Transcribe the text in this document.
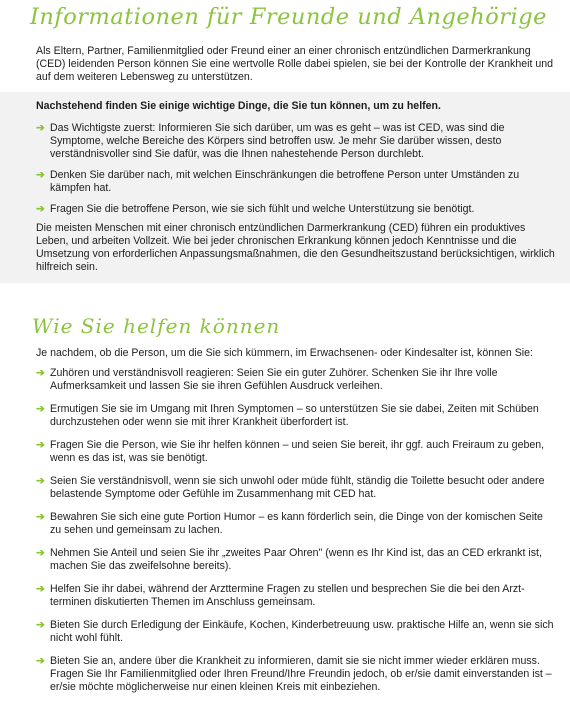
Informationen für Freunde und Angehörige

Als Eltern, Partner, Familienmitglied oder Freund einer an einer chronisch entzündlichen Darmerkrankung (CED) leidenden Person können Sie eine wertvolle Rolle dabei spielen, sie bei der Kontrolle der Krankheit und auf dem weiteren Lebensweg zu unterstützen.

Nachstehend finden Sie einige wichtige Dinge, die Sie tun können, um zu helfen.

➔ Das Wichtigste zuerst: Informieren Sie sich darüber, um was es geht – was ist CED, was sind die Symptome, welche Bereiche des Körpers sind betroffen usw. Je mehr Sie darüber wissen, desto verständnisvoller sind Sie dafür, was die Ihnen nahestehende Person durchlebt.
➔ Denken Sie darüber nach, mit welchen Einschränkungen die betroffene Person unter Umständen zu kämpfen hat.
➔ Fragen Sie die betroffene Person, wie sie sich fühlt und welche Unterstützung sie benötigt.

Die meisten Menschen mit einer chronisch entzündlichen Darmerkrankung (CED) führen ein produktives Leben, und arbeiten Vollzeit. Wie bei jeder chronischen Erkrankung können jedoch Kenntnisse und die Umsetzung von erforderlichen Anpassungsmaßnahmen, die den Gesundheitszustand berücksichtigen, wirklich hilfreich sein.

Wie Sie helfen können

Je nachdem, ob die Person, um die Sie sich kümmern, im Erwachsenen- oder Kindesalter ist, können Sie:

➔ Zuhören und verständnisvoll reagieren: Seien Sie ein guter Zuhörer. Schenken Sie ihr Ihre volle Aufmerksamkeit und lassen Sie sie ihren Gefühlen Ausdruck verleihen.
➔ Ermutigen Sie sie im Umgang mit Ihren Symptomen – so unterstützen Sie sie dabei, Zeiten mit Schüben durchzustehen oder wenn sie mit ihrer Krankheit überfordert ist.
➔ Fragen Sie die Person, wie Sie ihr helfen können – und seien Sie bereit, ihr ggf. auch Freiraum zu geben, wenn es das ist, was sie benötigt.
➔ Seien Sie verständnisvoll, wenn sie sich unwohl oder müde fühlt, ständig die Toilette besucht oder andere belastende Symptome oder Gefühle im Zusammenhang mit CED hat.
➔ Bewahren Sie sich eine gute Portion Humor – es kann förderlich sein, die Dinge von der komischen Seite zu sehen und gemeinsam zu lachen.
➔ Nehmen Sie Anteil und seien Sie ihr „zweites Paar Ohren" (wenn es Ihr Kind ist, das an CED erkrankt ist, machen Sie das zweifelsohne bereits).
➔ Helfen Sie ihr dabei, während der Arzttermine Fragen zu stellen und besprechen Sie die bei den Arzt-terminen diskutierten Themen im Anschluss gemeinsam.
➔ Bieten Sie durch Erledigung der Einkäufe, Kochen, Kinderbetreuung usw. praktische Hilfe an, wenn sie sich nicht wohl fühlt.
➔ Bieten Sie an, andere über die Krankheit zu informieren, damit sie sie nicht immer wieder erklären muss. Fragen Sie Ihr Familienmitglied oder Ihren Freund/Ihre Freundin jedoch, ob er/sie damit einverstanden ist – er/sie möchte möglicherweise nur einen kleinen Kreis mit einbeziehen.
